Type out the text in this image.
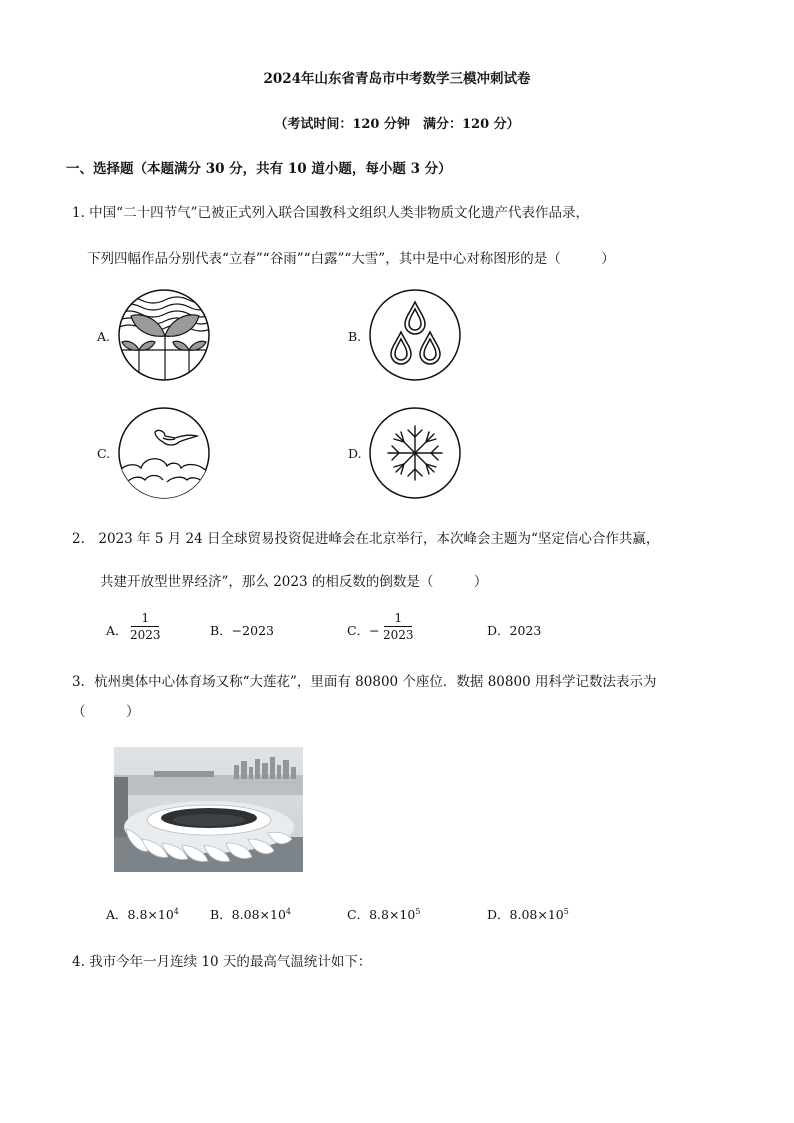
2024年山东省青岛市中考数学三模冲刺试卷
（考试时间：120 分钟　满分：120 分）
一、选择题（本题满分 30 分，共有 10 道小题，每小题 3 分）
1. 中国“二十四节气”已被正式列入联合国教科文组织人类非物质文化遗产代表作品录，
下列四幅作品分别代表“立春”“谷雨”“白露”“大雪”，其中是中心对称图形的是（　　　）
A.	B.
C.	D.
2.　2023 年 5 月 24 日全球贸易投资促进峰会在北京举行，本次峰会主题为“坚定信心合作共赢，
共建开放型世界经济”，那么 2023 的相反数的倒数是（　　　）
A．
1
2023	B．−2023	C．−
1
2023	D．2023
3．杭州奥体中心体育场又称“大莲花”，里面有 80800 个座位．数据 80800 用科学记数法表示为
（　　　）
A．$8.8\times 10^4$ B．$8.08\times 10^4$	C．$8.8\times 10^5$	D．$8.08\times 10^5$
4. 我市今年一月连续 10 天的最高气温统计如下：
